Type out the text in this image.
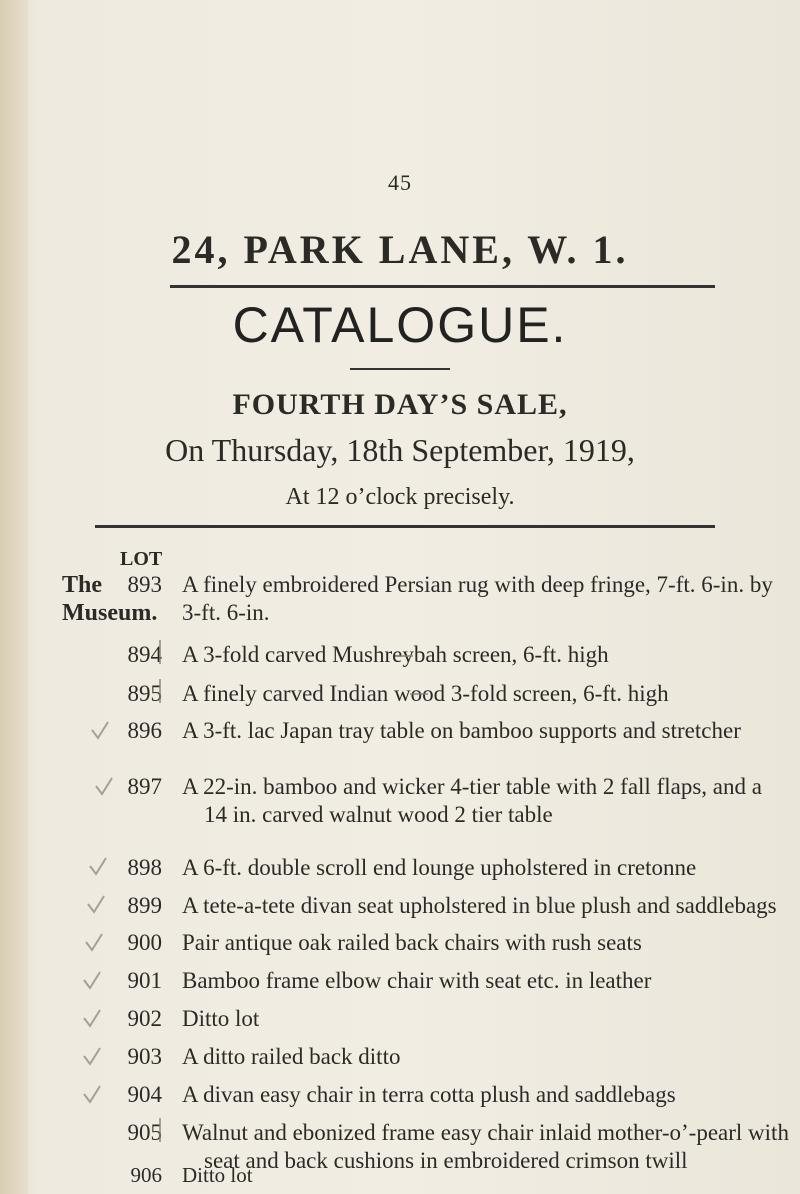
45
24, PARK LANE, W. 1.
CATALOGUE.
FOURTH DAY’S SALE,
On Thursday, 18th September, 1919,
At 12 o’clock precisely.
LOT
The
Museum.
893 A finely embroidered Persian rug with deep fringe, 7-ft. 6-in. by
3-ft. 6-in.
894 A 3-fold carved Mushreybah screen, 6-ft. high
895 A finely carved Indian wood 3-fold screen, 6-ft. high
896 A 3-ft. lac Japan tray table on bamboo supports and stretcher
897 A 22-in. bamboo and wicker 4-tier table with 2 fall flaps, and a
14 in. carved walnut wood 2 tier table
898 A 6-ft. double scroll end lounge upholstered in cretonne
899 A tete-a-tete divan seat upholstered in blue plush and saddlebags
900 Pair antique oak railed back chairs with rush seats
901 Bamboo frame elbow chair with seat etc. in leather
902 Ditto lot
903 A ditto railed back ditto
904 A divan easy chair in terra cotta plush and saddlebags
905 Walnut and ebonized frame easy chair inlaid mother-o’-pearl with
seat and back cushions in embroidered crimson twill
906 Ditto lot
